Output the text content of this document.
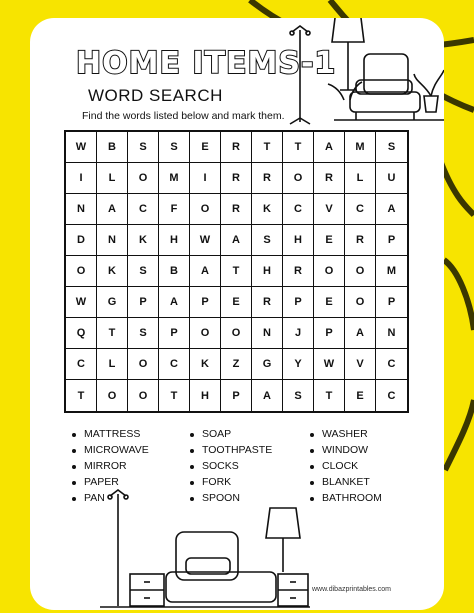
HOME ITEMS-1
WORD SEARCH
Find the words listed below and mark them.
W	B	S	S	E	R	T	T	A	M	S
I	L	O	M	I	R	R	O	R	L	U
N	A	C	F	O	R	K	C	V	C	A
D	N	K	H	W	A	S	H	E	R	P
O	K	S	B	A	T	H	R	O	O	M
W	G	P	A	P	E	R	P	E	O	P
Q	T	S	P	O	O	N	J	P	A	N
C	L	O	C	K	Z	G	Y	W	V	C
T	O	O	T	H	P	A	S	T	E	C
MATTRESS
MICROWAVE
MIRROR
PAPER
PAN
SOAP
TOOTHPASTE
SOCKS
FORK
SPOON
WASHER
WINDOW
CLOCK
BLANKET
BATHROOM
www.dibazprintables.com
